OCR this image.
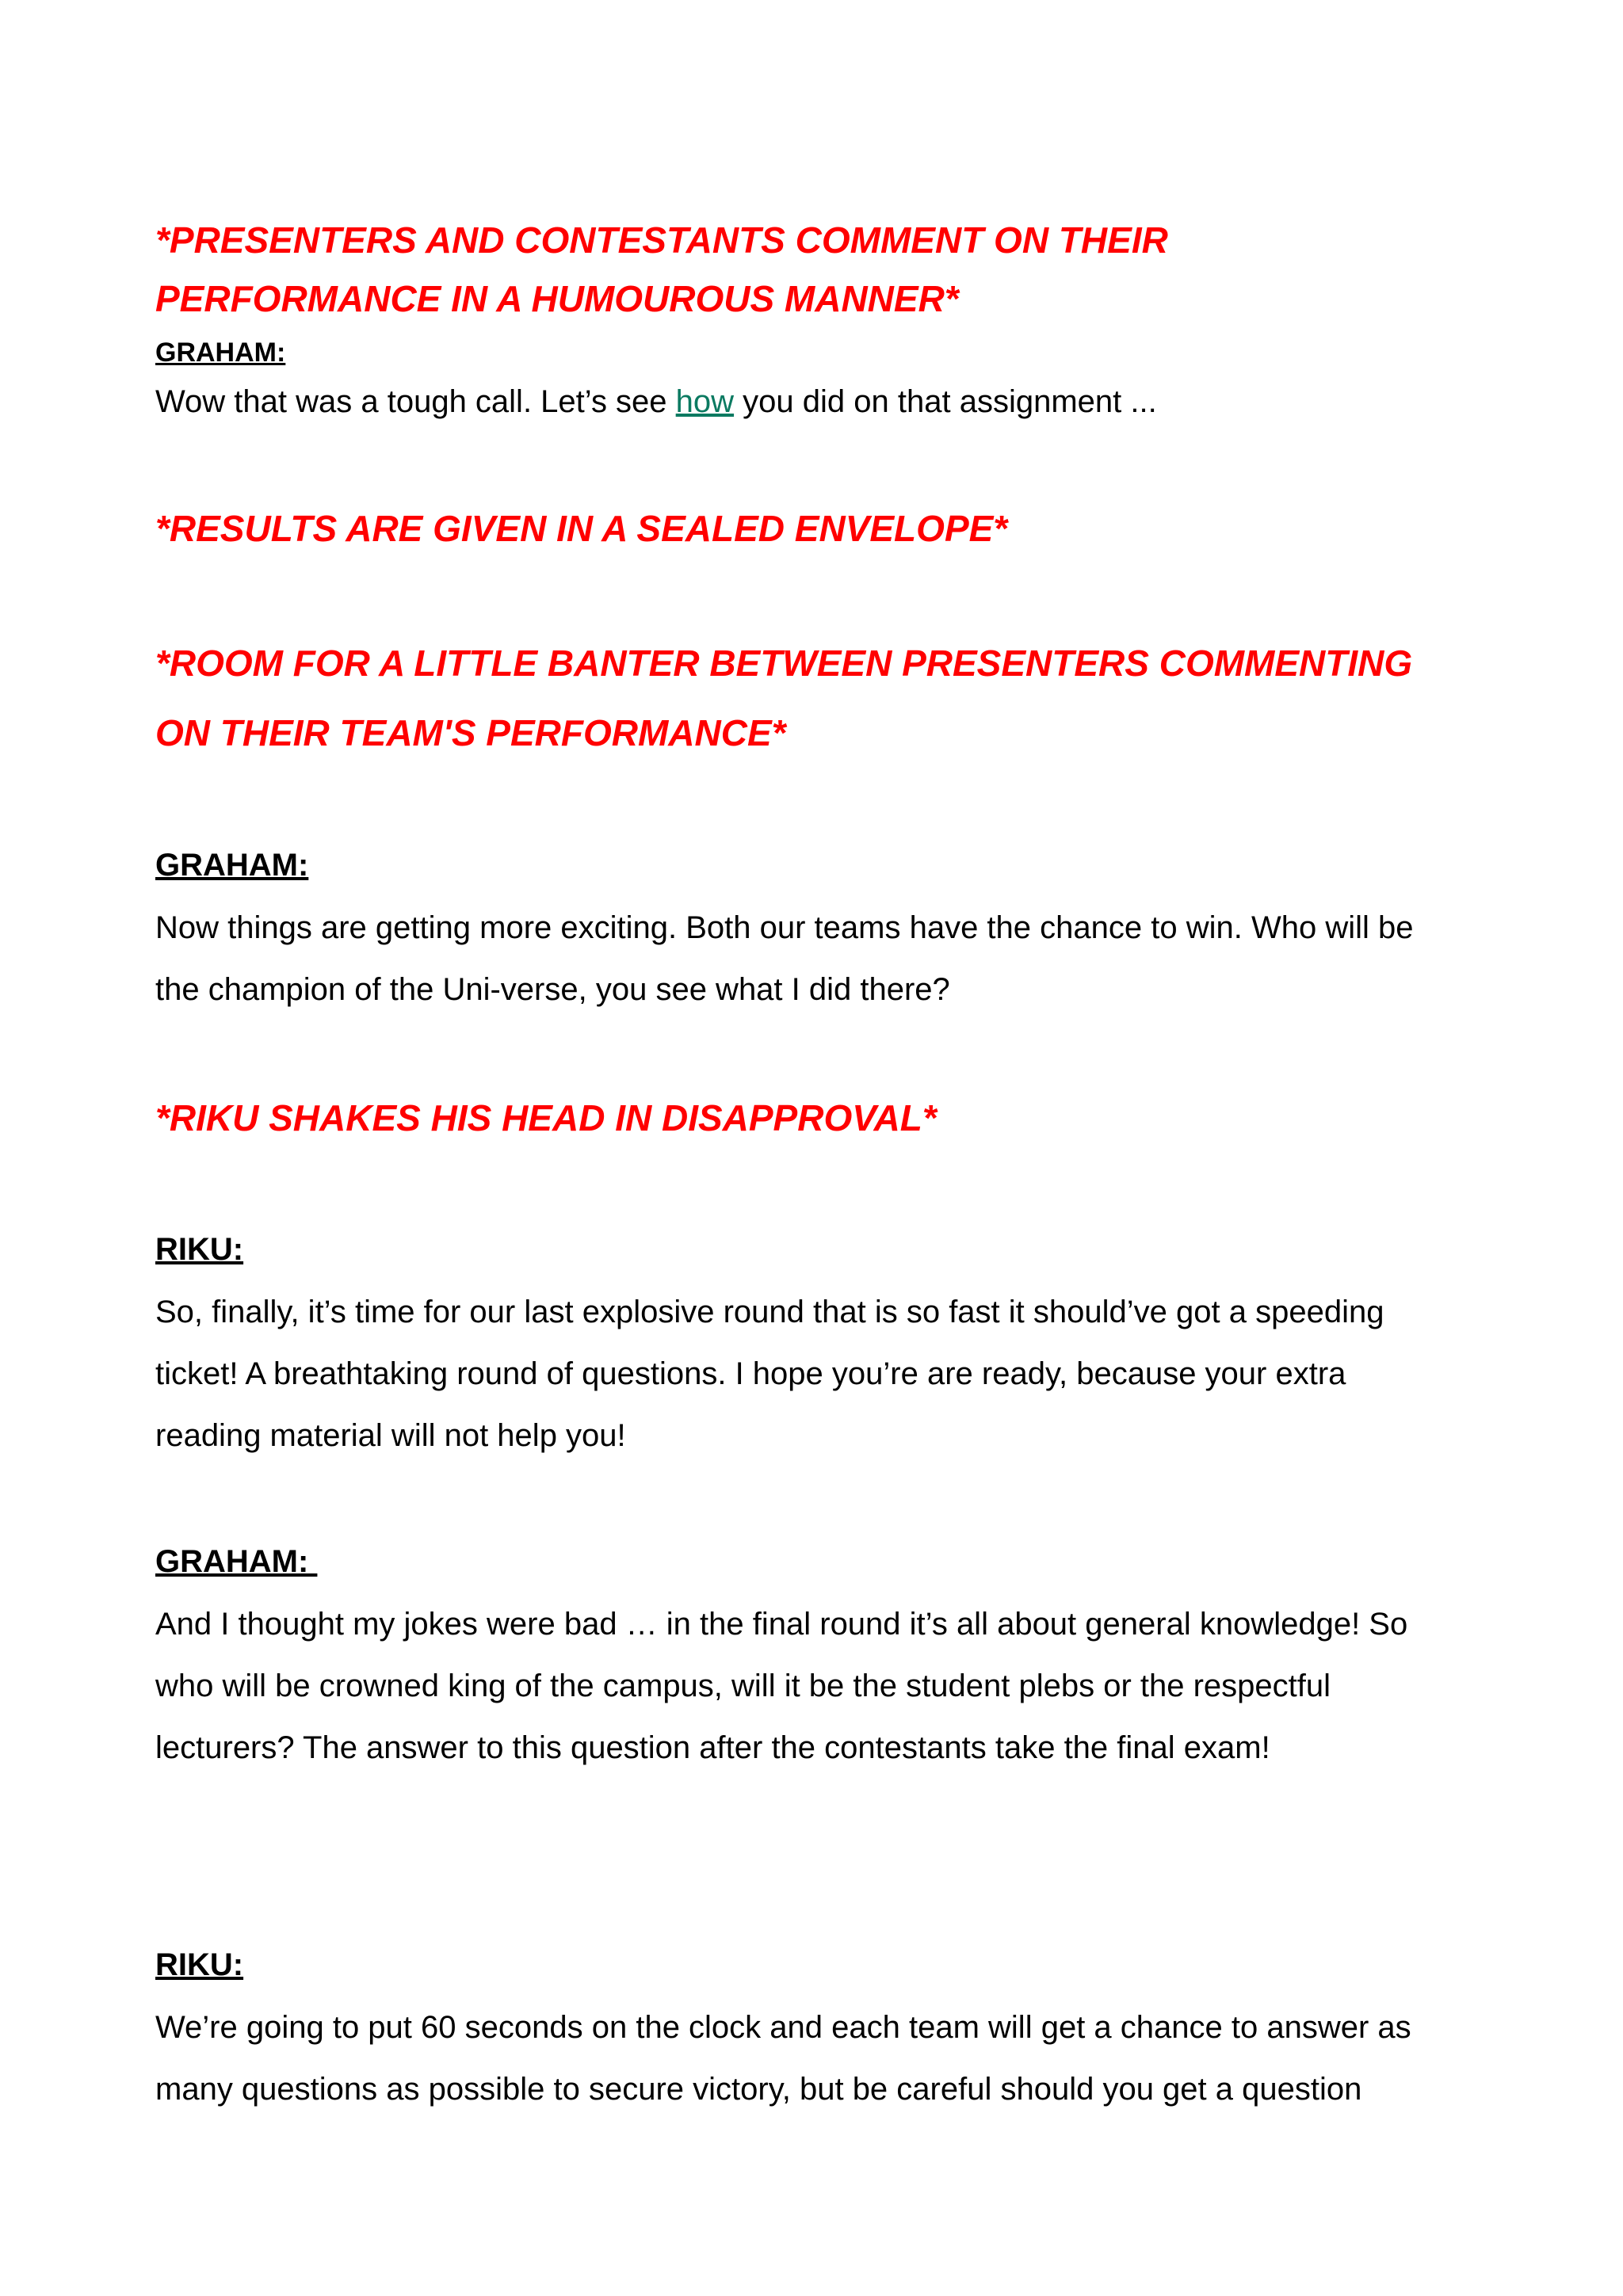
*PRESENTERS AND CONTESTANTS COMMENT ON THEIR
PERFORMANCE IN A HUMOUROUS MANNER*
GRAHAM:
Wow that was a tough call. Let’s see how you did on that assignment ...
*RESULTS ARE GIVEN IN A SEALED ENVELOPE*
*ROOM FOR A LITTLE BANTER BETWEEN PRESENTERS COMMENTING
ON THEIR TEAM'S PERFORMANCE*
GRAHAM:
Now things are getting more exciting. Both our teams have the chance to win. Who will be
the champion of the Uni-verse, you see what I did there?
*RIKU SHAKES HIS HEAD IN DISAPPROVAL*
RIKU:
So, finally, it’s time for our last explosive round that is so fast it should’ve got a speeding
ticket! A breathtaking round of questions. I hope you’re are ready, because your extra
reading material will not help you!
GRAHAM:
And I thought my jokes were bad … in the final round it’s all about general knowledge! So
who will be crowned king of the campus, will it be the student plebs or the respectful
lecturers? The answer to this question after the contestants take the final exam!
RIKU:
We’re going to put 60 seconds on the clock and each team will get a chance to answer as
many questions as possible to secure victory, but be careful should you get a question
